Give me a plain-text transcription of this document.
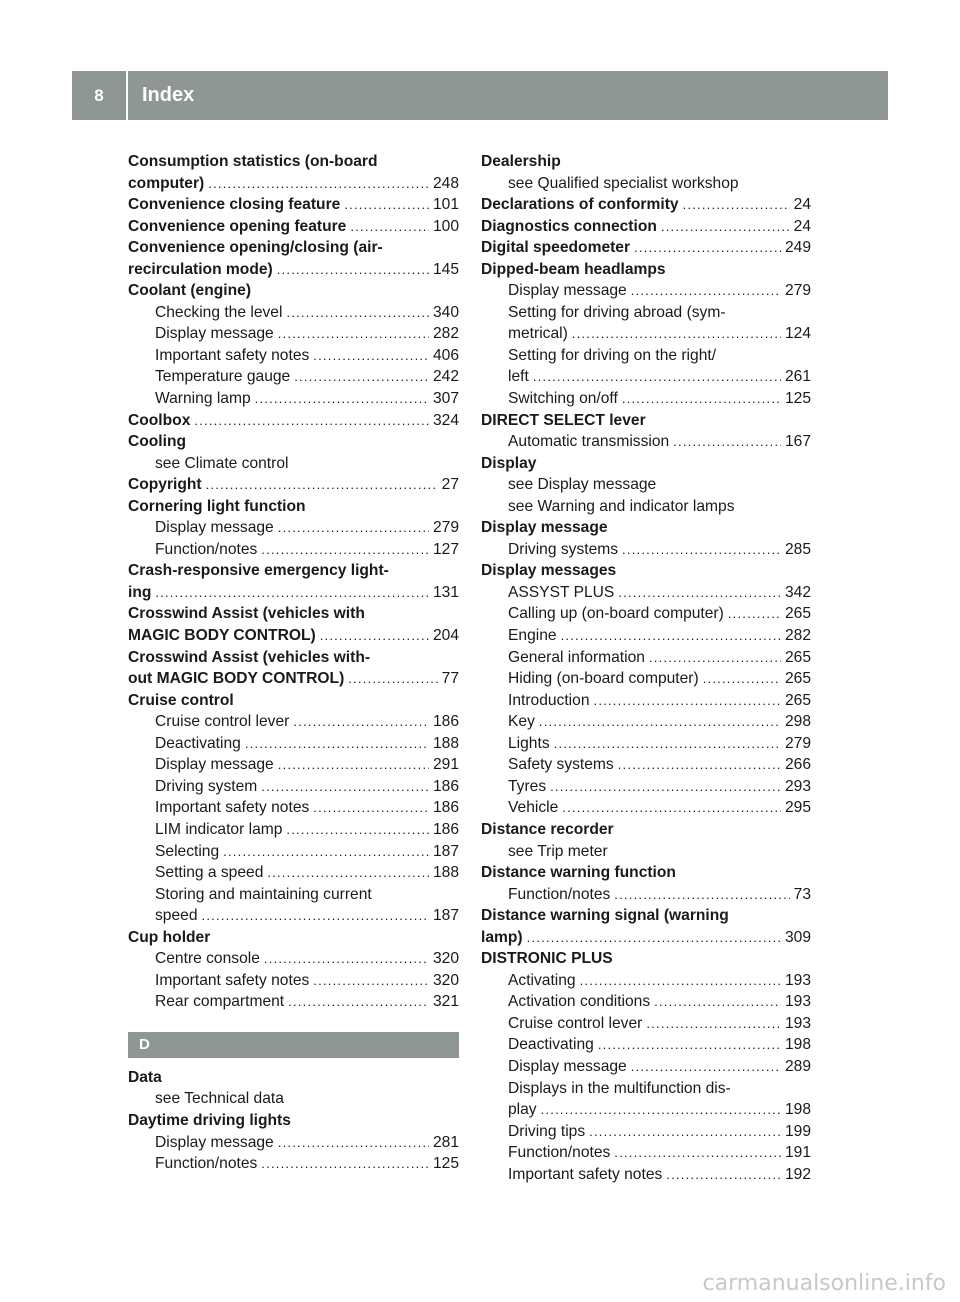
8	Index
Consumption statistics (on-board
computer) . . .	248
Convenience closing feature . . .	101
Convenience opening feature . . .	100
Convenience opening/closing (air-
recirculation mode) . . .	145
Coolant (engine)
Checking the level . . .	340
Display message . . .	282
Important safety notes . . .	406
Temperature gauge . . .	242
Warning lamp . . .	307
Coolbox . . .	324
Cooling
see Climate control
Copyright . . .	27
Cornering light function
Display message . . .	279
Function/notes . . .	127
Crash-responsive emergency light-
ing . . .	131
Crosswind Assist (vehicles with
MAGIC BODY CONTROL) . . .	204
Crosswind Assist (vehicles with-
out MAGIC BODY CONTROL) . . .	77
Cruise control
Cruise control lever . . .	186
Deactivating . . .	188
Display message . . .	291
Driving system . . .	186
Important safety notes . . .	186
LIM indicator lamp . . .	186
Selecting . . .	187
Setting a speed . . .	188
Storing and maintaining current
speed . . .	187
Cup holder
Centre console . . .	320
Important safety notes . . .	320
Rear compartment . . .	321
D
Data
see Technical data
Daytime driving lights
Display message . . .	281
Function/notes . . .	125
Dealership
see Qualified specialist workshop
Declarations of conformity . . .	24
Diagnostics connection . . .	24
Digital speedometer . . .	249
Dipped-beam headlamps
Display message . . .	279
Setting for driving abroad (sym-
metrical) . . .	124
Setting for driving on the right/
left . . .	261
Switching on/off . . .	125
DIRECT SELECT lever
Automatic transmission . . .	167
Display
see Display message
see Warning and indicator lamps
Display message
Driving systems . . .	285
Display messages
ASSYST PLUS . . .	342
Calling up (on-board computer) . . .	265
Engine . . .	282
General information . . .	265
Hiding (on-board computer) . . .	265
Introduction . . .	265
Key . . .	298
Lights . . .	279
Safety systems . . .	266
Tyres . . .	293
Vehicle . . .	295
Distance recorder
see Trip meter
Distance warning function
Function/notes . . .	73
Distance warning signal (warning
lamp) . . .	309
DISTRONIC PLUS
Activating . . .	193
Activation conditions . . .	193
Cruise control lever . . .	193
Deactivating . . .	198
Display message . . .	289
Displays in the multifunction dis-
play . . .	198
Driving tips . . .	199
Function/notes . . .	191
Important safety notes . . .	192
carmanualsonline.info
